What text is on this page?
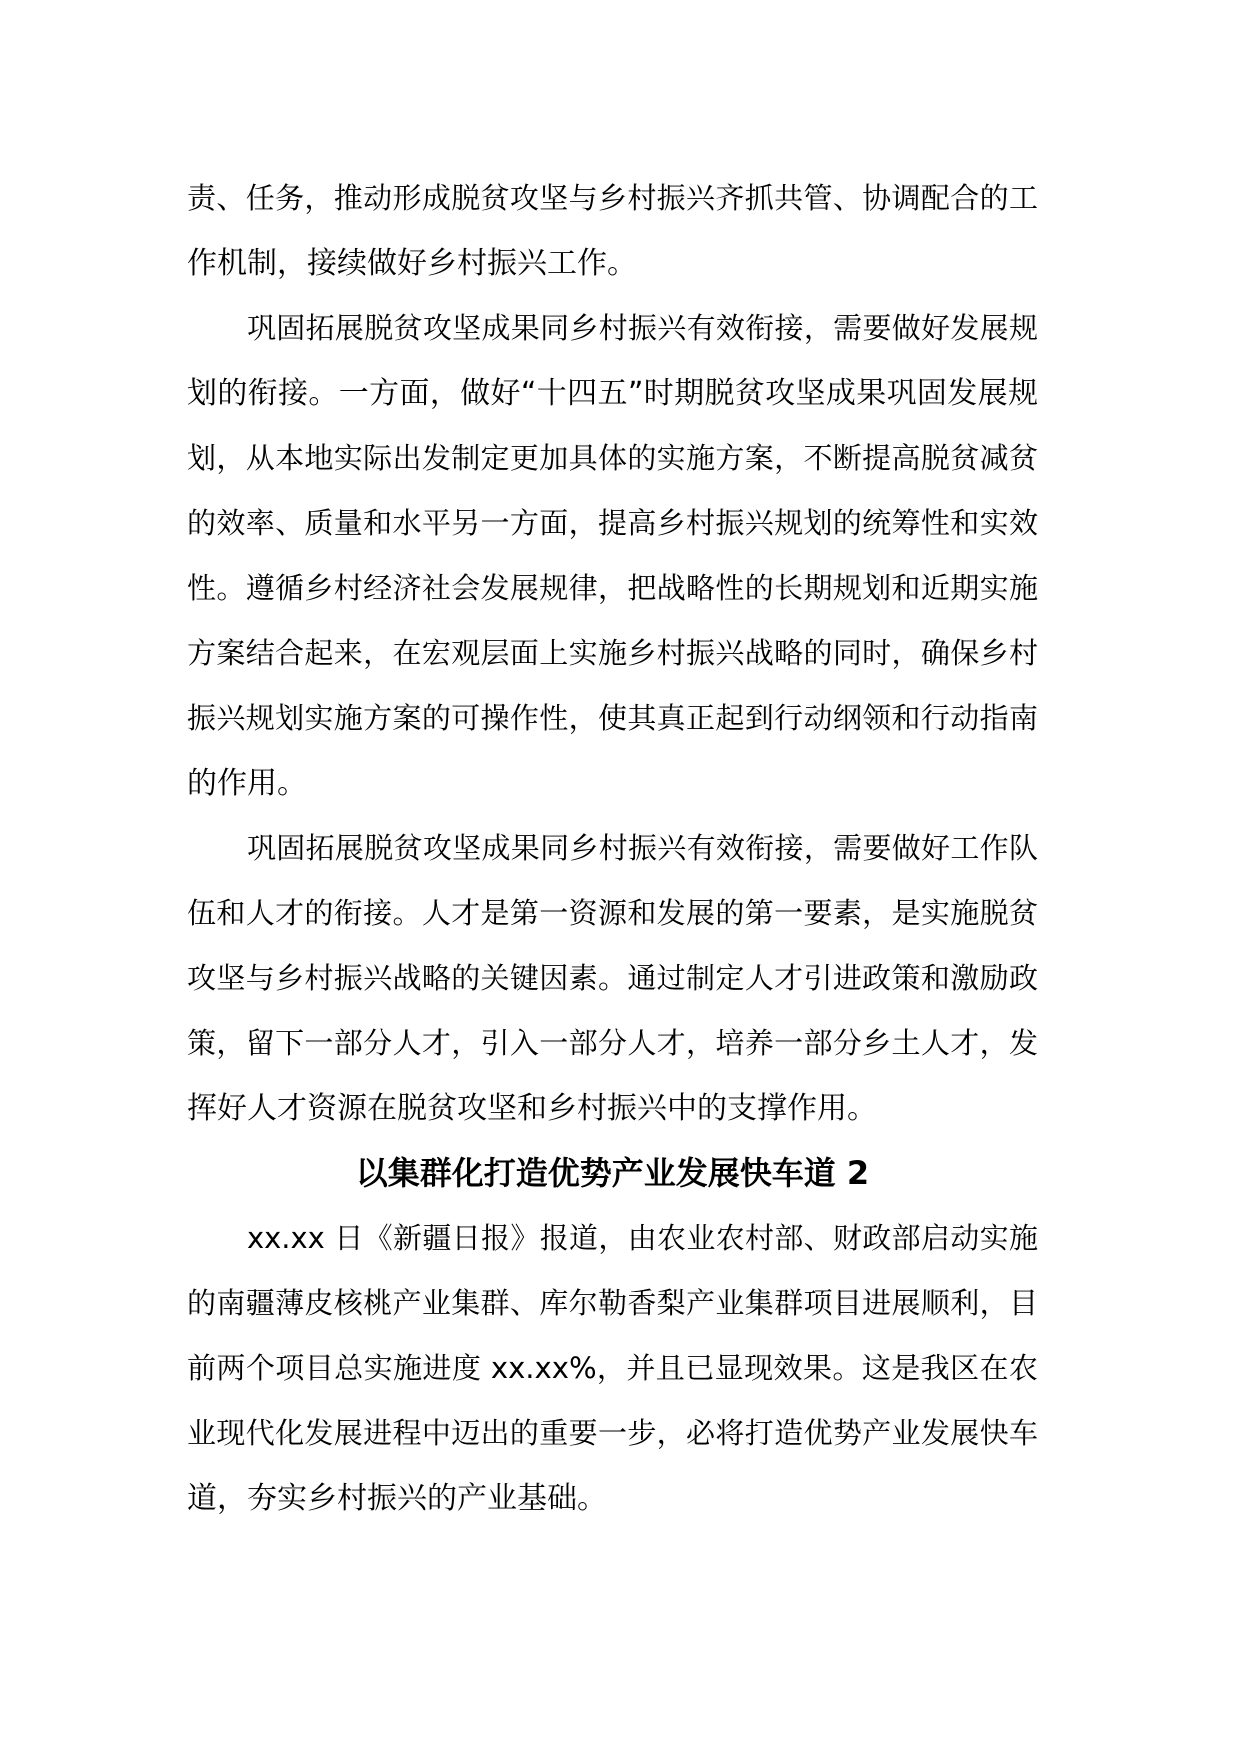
责、任务，推动形成脱贫攻坚与乡村振兴齐抓共管、协调配合的工
作机制，接续做好乡村振兴工作。
巩固拓展脱贫攻坚成果同乡村振兴有效衔接，需要做好发展规
划的衔接。一方面，做好“十四五”时期脱贫攻坚成果巩固发展规
划，从本地实际出发制定更加具体的实施方案，不断提高脱贫减贫
的效率、质量和水平另一方面，提高乡村振兴规划的统筹性和实效
性。遵循乡村经济社会发展规律，把战略性的长期规划和近期实施
方案结合起来，在宏观层面上实施乡村振兴战略的同时，确保乡村
振兴规划实施方案的可操作性，使其真正起到行动纲领和行动指南
的作用。
巩固拓展脱贫攻坚成果同乡村振兴有效衔接，需要做好工作队
伍和人才的衔接。人才是第一资源和发展的第一要素，是实施脱贫
攻坚与乡村振兴战略的关键因素。通过制定人才引进政策和激励政
策，留下一部分人才，引入一部分人才，培养一部分乡土人才，发
挥好人才资源在脱贫攻坚和乡村振兴中的支撑作用。
以集群化打造优势产业发展快车道 2
xx.xx 日《新疆日报》报道，由农业农村部、财政部启动实施
的南疆薄皮核桃产业集群、库尔勒香梨产业集群项目进展顺利，目
前两个项目总实施进度 xx.xx%，并且已显现效果。这是我区在农
业现代化发展进程中迈出的重要一步，必将打造优势产业发展快车
道，夯实乡村振兴的产业基础。
